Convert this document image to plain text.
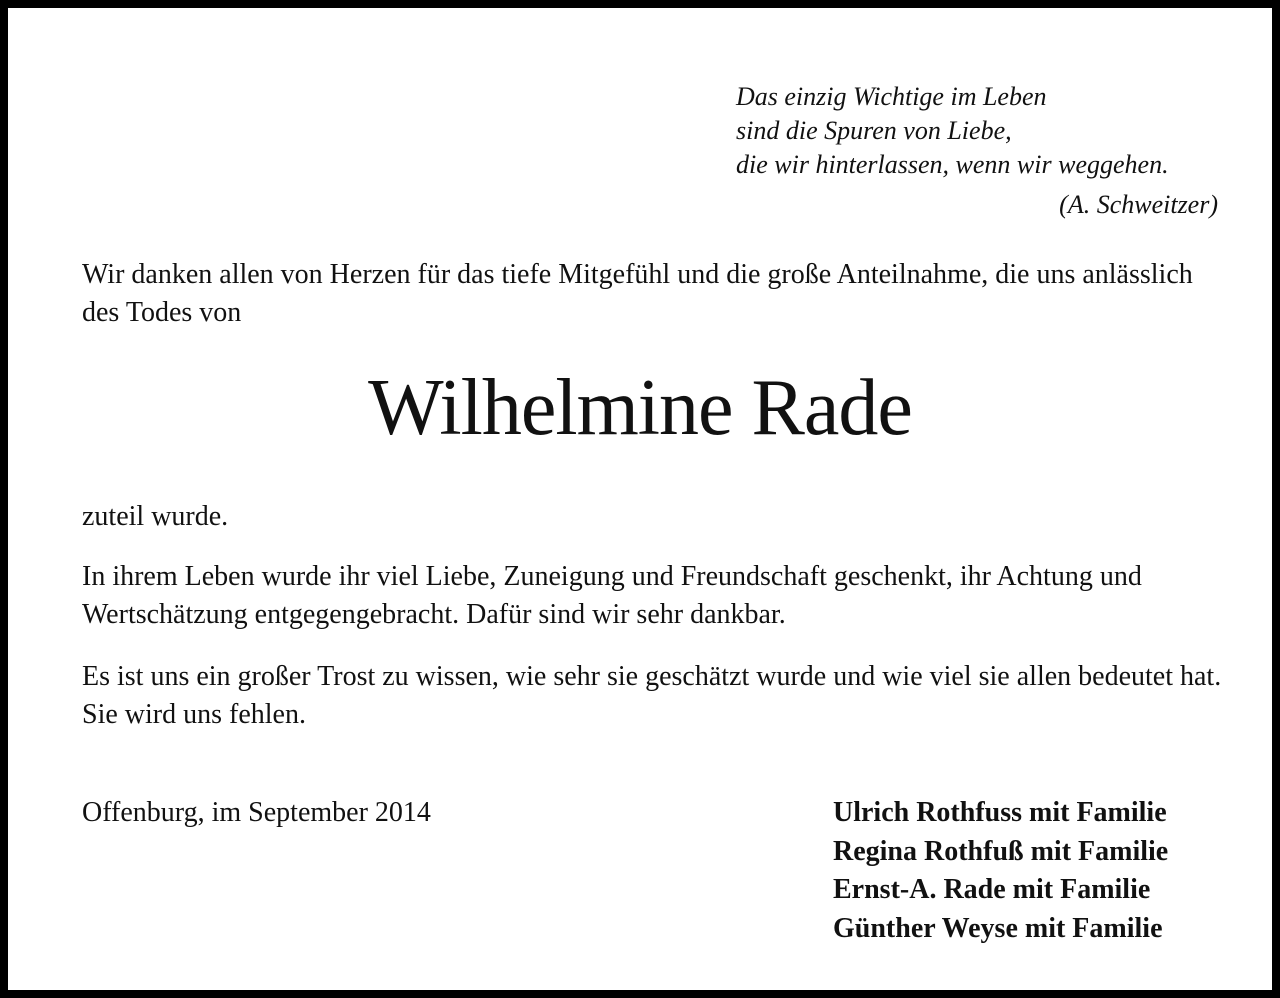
Das einzig Wichtige im Leben
sind die Spuren von Liebe,
die wir hinterlassen, wenn wir weggehen.
(A. Schweitzer)

Wir danken allen von Herzen für das tiefe Mitgefühl und die große Anteilnahme, die uns anlässlich des Todes von

Wilhelmine Rade

zuteil wurde.

In ihrem Leben wurde ihr viel Liebe, Zuneigung und Freundschaft geschenkt, ihr Achtung und Wertschätzung entgegengebracht. Dafür sind wir sehr dankbar.

Es ist uns ein großer Trost zu wissen, wie sehr sie geschätzt wurde und wie viel sie allen bedeutet hat. Sie wird uns fehlen.

Offenburg, im September 2014	Ulrich Rothfuss mit Familie
Regina Rothfuß mit Familie
Ernst-A. Rade mit Familie
Günther Weyse mit Familie
